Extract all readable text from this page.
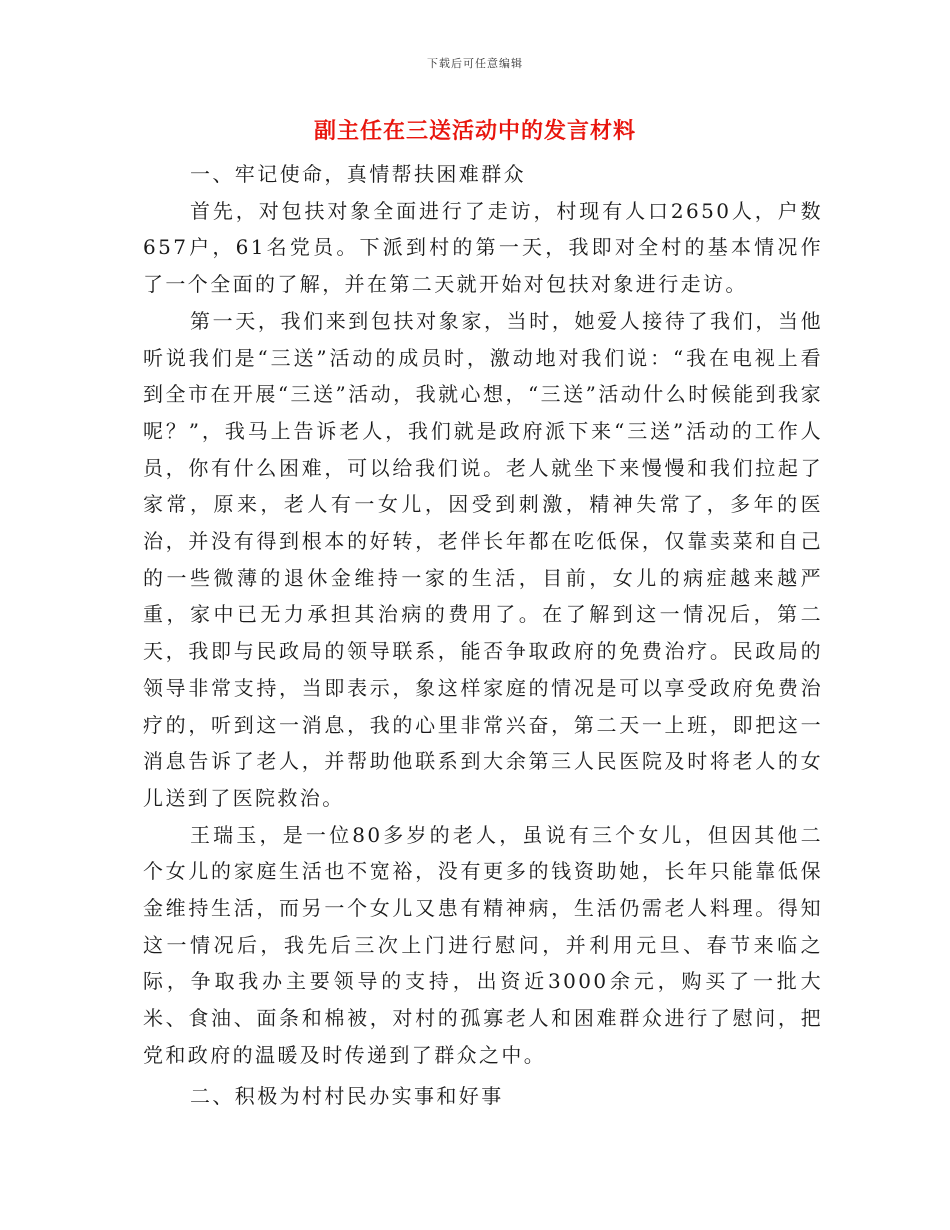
下载后可任意编辑
副主任在三送活动中的发言材料

一、牢记使命，真情帮扶困难群众

首先，对包扶对象全面进行了走访，村现有人口2650人，户数657户，61名党员。下派到村的第一天，我即对全村的基本情况作了一个全面的了解，并在第二天就开始对包扶对象进行走访。

第一天，我们来到包扶对象家，当时，她爱人接待了我们，当他听说我们是“三送”活动的成员时，激动地对我们说：“我在电视上看到全市在开展“三送”活动，我就心想，“三送”活动什么时候能到我家呢？”，我马上告诉老人，我们就是政府派下来“三送”活动的工作人员，你有什么困难，可以给我们说。老人就坐下来慢慢和我们拉起了家常，原来，老人有一女儿，因受到刺激，精神失常了，多年的医治，并没有得到根本的好转，老伴长年都在吃低保，仅靠卖菜和自己的一些微薄的退休金维持一家的生活，目前，女儿的病症越来越严重，家中已无力承担其治病的费用了。在了解到这一情况后，第二天，我即与民政局的领导联系，能否争取政府的免费治疗。民政局的领导非常支持，当即表示，象这样家庭的情况是可以享受政府免费治疗的，听到这一消息，我的心里非常兴奋，第二天一上班，即把这一消息告诉了老人，并帮助他联系到大余第三人民医院及时将老人的女儿送到了医院救治。

王瑞玉，是一位80多岁的老人，虽说有三个女儿，但因其他二个女儿的家庭生活也不宽裕，没有更多的钱资助她，长年只能靠低保金维持生活，而另一个女儿又患有精神病，生活仍需老人料理。得知这一情况后，我先后三次上门进行慰问，并利用元旦、春节来临之际，争取我办主要领导的支持，出资近3000余元，购买了一批大米、食油、面条和棉被，对村的孤寡老人和困难群众进行了慰问，把党和政府的温暖及时传递到了群众之中。

二、积极为村村民办实事和好事
